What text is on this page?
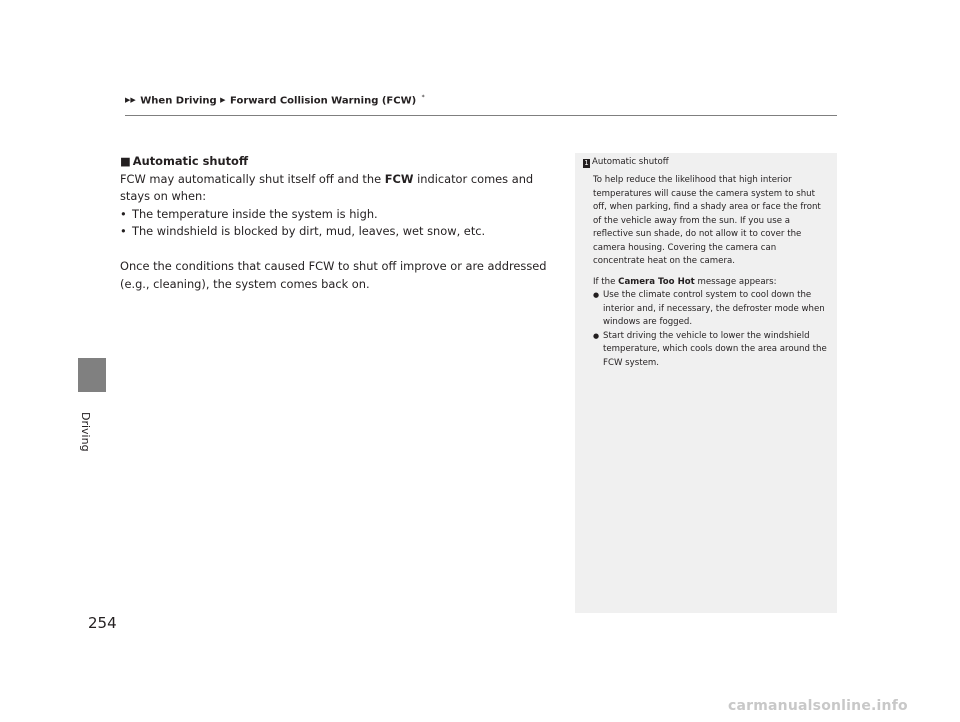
▶▶ When Driving ▶ Forward Collision Warning (FCW) *
Driving
■ Automatic shutoff

FCW may automatically shut itself off and the FCW indicator comes and stays on when:

• The temperature inside the system is high.
• The windshield is blocked by dirt, mud, leaves, wet snow, etc.

Once the conditions that caused FCW to shut off improve or are addressed (e.g., cleaning), the system comes back on.

1 Automatic shutoff

To help reduce the likelihood that high interior temperatures will cause the camera system to shut off, when parking, find a shady area or face the front of the vehicle away from the sun. If you use a reflective sun shade, do not allow it to cover the camera housing. Covering the camera can concentrate heat on the camera.

If the Camera Too Hot message appears:

● Use the climate control system to cool down the interior and, if necessary, the defroster mode when windows are fogged.
● Start driving the vehicle to lower the windshield temperature, which cools down the area around the FCW system.
254
carmanualsonline.info
